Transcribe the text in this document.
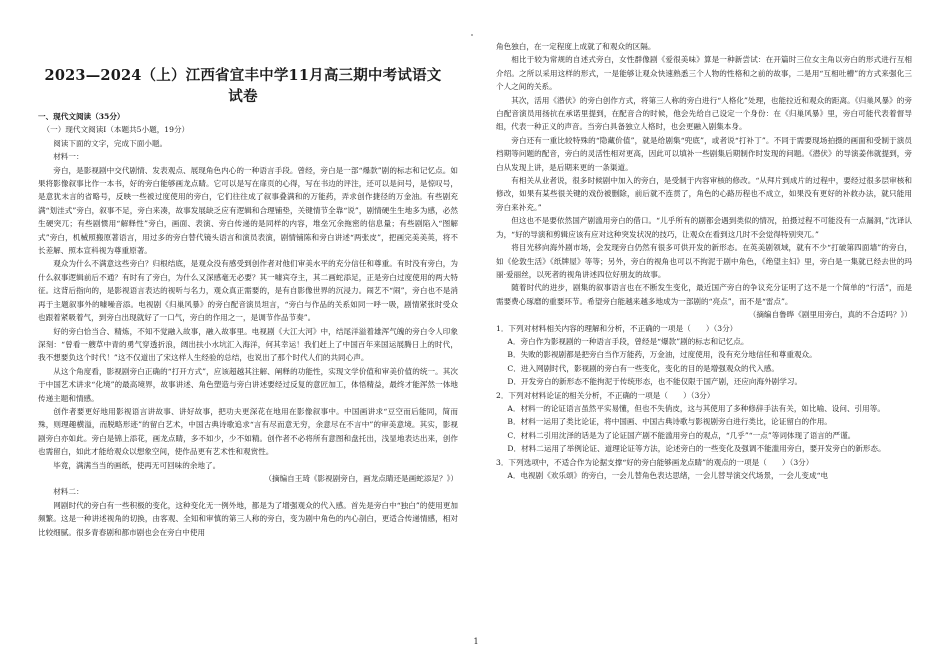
2023—2024（上）江西省宜丰中学11月高三期中考试语文试卷

一、现代文阅读（35分）

（一）现代文阅读Ⅰ（本题共5小题，19分）

阅读下面的文字，完成下面小题。

材料一：

旁白，是影视剧中交代剧情、发表观点、展现角色内心的一种语言手段。曾经，旁白是一部“爆款”剧的标志和记忆点。如果将影像叙事比作一本书，好的旁白能够画龙点睛。它可以是写在扉页的心得，写在书边的评注，还可以是问号，是惊叹号，是意犹未言的省略号，反映一些被过度使用的旁白，它们往往成了叙事叠满和的万能药，弄求创作捷径的万金油。有些剧充满“划洼式”旁白，叙事不足，旁白来凑，故事发展缺乏应有逻辑和合理铺垫，关键情节全靠“说”，剧情硬生生地多为感，必然生硬突兀；有些剧惯用“解释性”旁白，画面、表演、旁白传递的是同样的内容，堆垒冗余拖密的信息量；有些剧陷入“图解式”旁白，机械照搬原著语言，用过多的旁白替代镜头语言和演员表演，剧情铺陈和旁白讲述“两张皮”，把画完美美英，将不长差解、照本宣科视为尊重原著。

观众为什么不满意这些旁白？归根结底，是观众没有感受到创作者对他们审美水平的充分信任和尊重。有时没有旁白，为什么叙事逻辑前后不通？有时有了旁白，为什么又深感毫无必要？其一噱宾夺主，其二画蛇添足，正是旁白过度使用的两大特征。这背后指向的，是影视语言表达的视听与名力，观众真正需要的，是有自影像世界的沉浸力。闹艺不“闹”，旁白也不是消再于主题叙事外的噱噪音添。电视剧《归巢风暴》的旁白配音演员坦言，“旁白与作品的关系如同一呼一吸，剧情紧张时受众也跟着紧吸着气，到旁白出现就好了一口气，旁白的作用之一，是调节作品节奏”。

好的旁白恰当合、精炼，不知不觉融入故事，融入故事里。电视剧《大江大河》中，结尾洋溢着雄浑气魄的旁白令人印象深刻：“曾看一艘草中青的勇气穿透折浪，阔出扶小水坑汇入海洋，何其幸运！我们赶上了中国百年来国运展腾日上的时代，我不想要负这个时代！”这不仅道出了宋这样人生经验的总结，也说出了那个时代人们的共同心声。

从这个角度看，影视剧旁白正确的“打开方式”，应该超越其注解、阐释的功能性，实现文学价值和审美价值的统一。其次于中国艺术讲求“化境”的最高境界，故事讲述、角色塑造与旁白讲述要经过反复的意匠加工，体悟精益，最终才能浑然一体地传递主题和情感。

创作者要更好地用影视语言讲故事、讲好故事，把功夫更深花在地用在影像叙事中。中国画讲求“豆空而后能同，简而殊，则理趣横溢，而脱略形迹”的留白艺术，中国古典诗歌追求“言有尽而意无穷，余意尽在不言中”的审美意境。其实，影视剧旁白亦如此。旁白是锦上添花，画龙点睛，多不如少，少不如精。创作者不必将所有意图和盘托出，浅显地表达出来，创作也需留白，如此才能给观众以想象空间，使作品更有艺术性和观赏性。

毕竟，满满当当的画纸，使再无可回味的余地了。

（摘编自王琦《影视剧旁白，画龙点睛还是画蛇添足？》）

材料二：

网剧时代的旁白有一些积极的变化，这种变化无一例外地，都是为了增强观众的代入感。首先是旁白中“独白”的使用更加频繁。这是一种讲述视角的切换，由客观、全知和审慎的第三人称的旁白，变为剧中角色的内心剖白，更适合传递情感，相对比较细腻。很多青春剧和都市剧也会在旁白中使用

角色独白，在一定程度上成就了和观众的区隔。

相比于较为常规的自述式旁白，女性群像剧《爱很美味》算是一种新尝试：在开篇时三位女主角以旁白的形式进行互相介绍。之所以采用这样的形式，一是能够让观众快速熟悉三个人物的性格和之前的故事，二是用“互相吐槽”的方式来强化三个人之间的关系。

其次，活用《潜伏》的旁白创作方式，将第三人称的旁白进行“人格化”处理，也能拉近和观众的距离。《归巢风暴》的旁白配音演员用扬抗在承诺里提到，在配音合的时候，他会先给自己设定一个身份：在《归巢风暴》里，旁白可能代表着督导组，代表一种正义的声音。当旁白具备独立人格时，也会更融入剧集本身。

旁白还有一重比较特殊的“隐藏价值”，就是给剧集“兜底”，或者说“打补丁”。不同于需要现场拍摄的画面和受制于演员档期等问题的配音，旁白的灵活性相对更高，因此可以填补一些剧集后期制作时发现的问题。《潜伏》的导演姜伟就提到，旁白从发现上讲，是后期来更的一条渠道。

有相关从业者说，很多时候剧中加入的旁白，是受制于内容审核的修改。“从拜片到成片的过程中，要经过很多层审核和修改，如果有某些很关键的戏份被删除，前后就不连贯了，角色的心路历程也不成立，如果没有更好的补救办法，就只能用旁白来补充。”

但这也不是要依然国产剧滥用旁白的借口。“儿乎所有的剧都会遇到类似的情况，拍摄过程不可能没有一点漏洞，”沈译认为，“好的导演和剪辑应该有应对这种突发状况的技巧，让观众在看到这几时不会觉得特别突兀。”

将目光移向海外剧市场，会发现旁白仍然有很多可供开发的新形态。在英美剧领域，就有不少“打破第四面墙”的旁白，如《伦敦生活》《纸牌屋》等等；另外，旁白的视角也可以不拘泥于剧中角色，《绝望主妇》里，旁白是一集就已经去世的玛丽·爱丽丝，以死者的视角讲述四位好朋友的故事。

随着时代的进步，剧集的叙事语言也在不断发生变化，最近国产旁白的争议充分证明了这不是一个简单的“行活”，而是需要费心琢磨的重要环节。希望旁白能越来越多地成为一部剧的“亮点”，而不是“雷点”。

（摘编自鲁晔《剧里用旁白，真的不合适吗？》）

1．下列对材料相关内容的理解和分析，不正确的一项是（　　）（3分）

A．旁白作为影视剧的一种语言手段，曾经是“爆款”剧的标志和记忆点。

B．失败的影视剧都是把旁白当作万能药，万金油，过度使用，没有充分地信任和尊重观众。

C．进入网剧时代，影视剧的旁白有一些变化，变化的目的是增强观众的代入感。

D．开发旁白的新形态不能拘泥于传统形态，也不能仅限于国产剧，还应向海外剧学习。

2．下列对材料论证的相关分析，不正确的一项是（　　）（3分）

A．材料一的论证语言虽然平实易懂，但也不失俏皮，这与其使用了多种修辞手法有关，如比喻、设问、引用等。

B．材料一运用了类比论证，将中国画、中国古典诗歌与影视剧旁白进行类比，论证留白的作用。

C．材料二引用沈泽的话是为了论证国产剧不能滥用旁白的观点，“几乎”“一点”等词体现了语言的严谨。

D．材料二运用了举例论证、道理论证等方法，论述旁白的一些变化及强调不能滥用旁白，要开发旁白的新形态。

3．下列选项中，不适合作为论据支撑“好的旁白能够画龙点睛”的观点的一项是（　　）（3分）

A．电视剧《欢乐颂》的旁白，一会儿替角色表达思绪，一会儿替导演交代场景，一会儿变成“电

1
